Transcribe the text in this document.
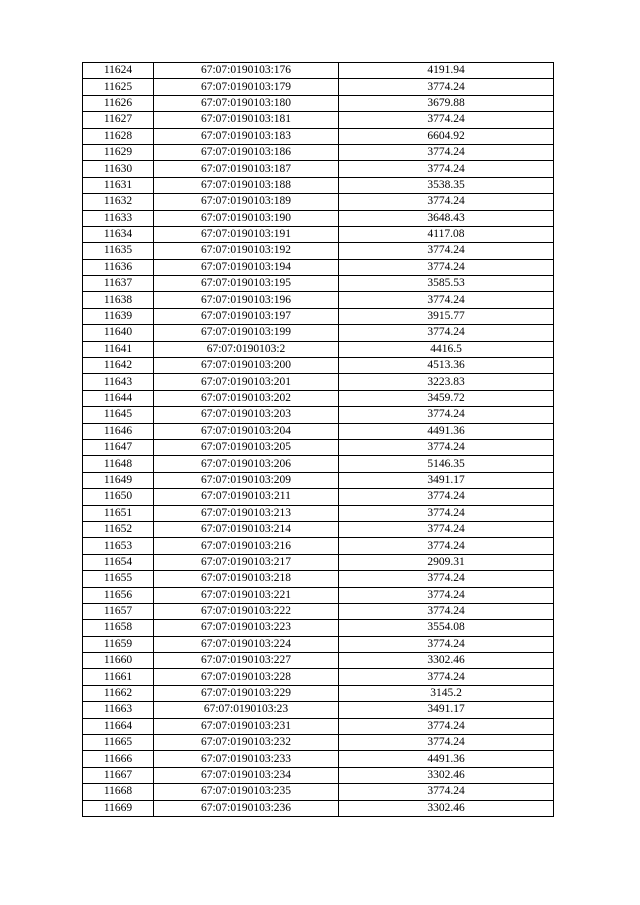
11624	67:07:0190103:176	4191.94
11625	67:07:0190103:179	3774.24
11626	67:07:0190103:180	3679.88
11627	67:07:0190103:181	3774.24
11628	67:07:0190103:183	6604.92
11629	67:07:0190103:186	3774.24
11630	67:07:0190103:187	3774.24
11631	67:07:0190103:188	3538.35
11632	67:07:0190103:189	3774.24
11633	67:07:0190103:190	3648.43
11634	67:07:0190103:191	4117.08
11635	67:07:0190103:192	3774.24
11636	67:07:0190103:194	3774.24
11637	67:07:0190103:195	3585.53
11638	67:07:0190103:196	3774.24
11639	67:07:0190103:197	3915.77
11640	67:07:0190103:199	3774.24
11641	67:07:0190103:2	4416.5
11642	67:07:0190103:200	4513.36
11643	67:07:0190103:201	3223.83
11644	67:07:0190103:202	3459.72
11645	67:07:0190103:203	3774.24
11646	67:07:0190103:204	4491.36
11647	67:07:0190103:205	3774.24
11648	67:07:0190103:206	5146.35
11649	67:07:0190103:209	3491.17
11650	67:07:0190103:211	3774.24
11651	67:07:0190103:213	3774.24
11652	67:07:0190103:214	3774.24
11653	67:07:0190103:216	3774.24
11654	67:07:0190103:217	2909.31
11655	67:07:0190103:218	3774.24
11656	67:07:0190103:221	3774.24
11657	67:07:0190103:222	3774.24
11658	67:07:0190103:223	3554.08
11659	67:07:0190103:224	3774.24
11660	67:07:0190103:227	3302.46
11661	67:07:0190103:228	3774.24
11662	67:07:0190103:229	3145.2
11663	67:07:0190103:23	3491.17
11664	67:07:0190103:231	3774.24
11665	67:07:0190103:232	3774.24
11666	67:07:0190103:233	4491.36
11667	67:07:0190103:234	3302.46
11668	67:07:0190103:235	3774.24
11669	67:07:0190103:236	3302.46
